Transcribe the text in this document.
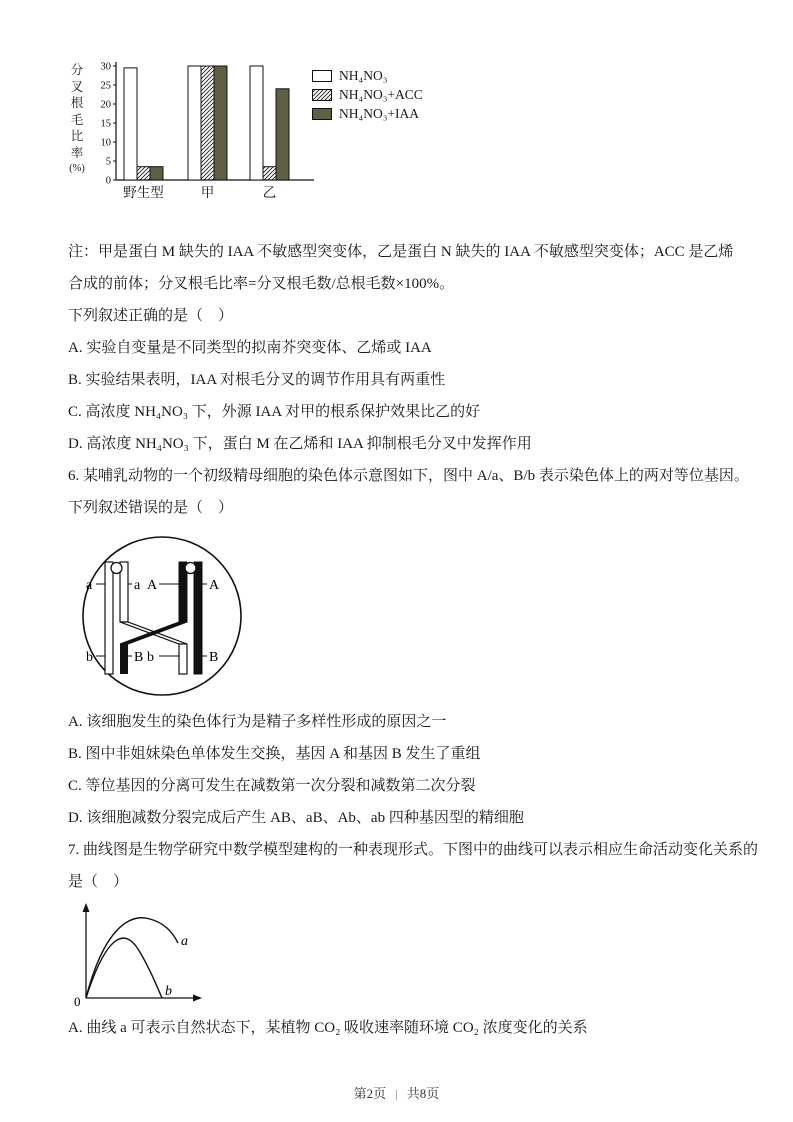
分
叉
根
毛
比
率
(%)
0
5
10
15
20
25
30
野生型	甲	乙
NH₄NO₃
NH₄NO₃+ACC
NH₄NO₃+IAA
注：甲是蛋白 M 缺失的 IAA 不敏感型突变体，乙是蛋白 N 缺失的 IAA 不敏感型突变体；ACC 是乙烯
合成的前体；分叉根毛比率=分叉根毛数/总根毛数×100%。
下列叙述正确的是（　）
A. 实验自变量是不同类型的拟南芥突变体、乙烯或 IAA
B. 实验结果表明，IAA 对根毛分叉的调节作用具有两重性
C. 高浓度 NH₄NO₃ 下，外源 IAA 对甲的根系保护效果比乙的好
D. 高浓度 NH₄NO₃ 下，蛋白 M 在乙烯和 IAA 抑制根毛分叉中发挥作用
6. 某哺乳动物的一个初级精母细胞的染色体示意图如下，图中 A/a、B/b 表示染色体上的两对等位基因。
下列叙述错误的是（　）
a	a A	A
b	B b	B
A. 该细胞发生的染色体行为是精子多样性形成的原因之一
B. 图中非姐妹染色单体发生交换，基因 A 和基因 B 发生了重组
C. 等位基因的分离可发生在减数第一次分裂和减数第二次分裂
D. 该细胞减数分裂完成后产生 AB、aB、Ab、ab 四种基因型的精细胞
7. 曲线图是生物学研究中数学模型建构的一种表现形式。下图中的曲线可以表示相应生命活动变化关系的
是（　）
a
b
0
A. 曲线 a 可表示自然状态下，某植物 CO₂ 吸收速率随环境 CO₂ 浓度变化的关系
第2页 | 共8页
